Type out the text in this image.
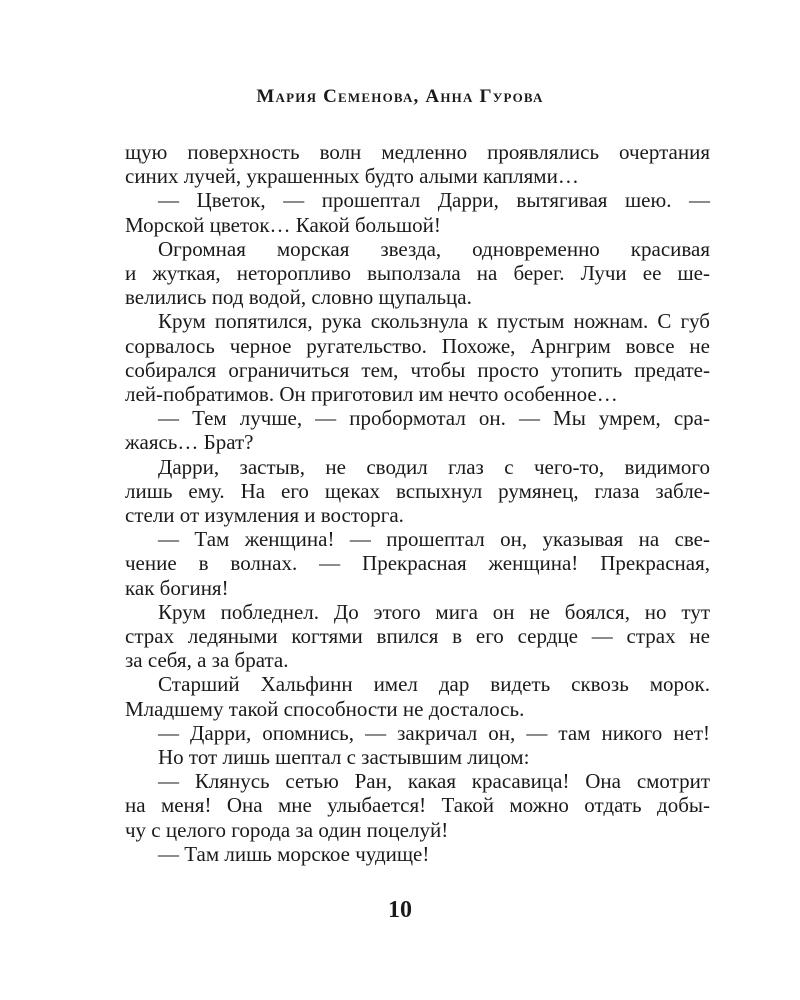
Мария Семенова, Анна Гурова
щую поверхность волн медленно проявлялись очертания
синих лучей, украшенных будто алыми каплями…
— Цветок, — прошептал Дарри, вытягивая шею. —
Морской цветок… Какой большой!
Огромная морская звезда, одновременно красивая
и жуткая, неторопливо выползала на берег. Лучи ее ше-
велились под водой, словно щупальца.
Крум попятился, рука скользнула к пустым ножнам. С губ
сорвалось черное ругательство. Похоже, Арнгрим вовсе не
собирался ограничиться тем, чтобы просто утопить предате-
лей-побратимов. Он приготовил им нечто особенное…
— Тем лучше, — пробормотал он. — Мы умрем, сра-
жаясь… Брат?
Дарри, застыв, не сводил глаз с чего-то, видимого
лишь ему. На его щеках вспыхнул румянец, глаза забле-
стели от изумления и восторга.
— Там женщина! — прошептал он, указывая на све-
чение в волнах. — Прекрасная женщина! Прекрасная,
как богиня!
Крум побледнел. До этого мига он не боялся, но тут
страх ледяными когтями впился в его сердце — страх не
за себя, а за брата.
Старший Хальфинн имел дар видеть сквозь морок.
Младшему такой способности не досталось.
— Дарри, опомнись, — закричал он, — там никого нет!
Но тот лишь шептал с застывшим лицом:
— Клянусь сетью Ран, какая красавица! Она смотрит
на меня! Она мне улыбается! Такой можно отдать добы-
чу с целого города за один поцелуй!
— Там лишь морское чудище!
10
